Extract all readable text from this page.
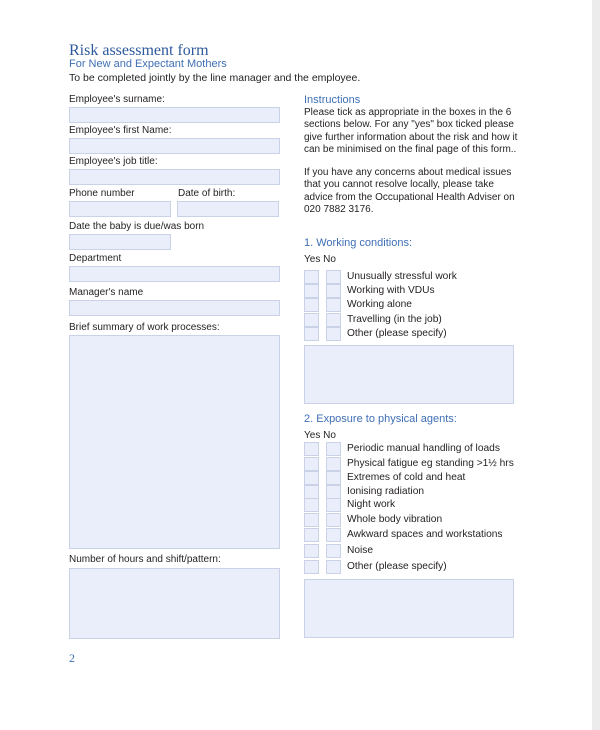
Risk assessment form
For New and Expectant Mothers
To be completed jointly by the line manager and the employee.
Employee's surname:
Employee's first Name:
Employee's job title:
Phone number	Date of birth:
Date the baby is due/was born
Department
Manager's name
Brief summary of work processes:
Number of hours and shift/pattern:
Instructions

Please tick as appropriate in the boxes in the 6 sections below. For any "yes" box ticked please give further information about the risk and how it can be minimised on the final page of this form..

If you have any concerns about medical issues that you cannot resolve locally, please take advice from the Occupational Health Adviser on 020 7882 3176.

1. Working conditions:
Yes No
Unusually stressful work
Working with VDUs
Working alone
Travelling (in the job)
Other (please specify)
2. Exposure to physical agents:
Yes No
Periodic manual handling of loads
Physical fatigue eg standing >1½ hrs
Extremes of cold and heat
Ionising radiation
Night work
Whole body vibration
Awkward spaces and workstations
Noise
Other (please specify)
2
